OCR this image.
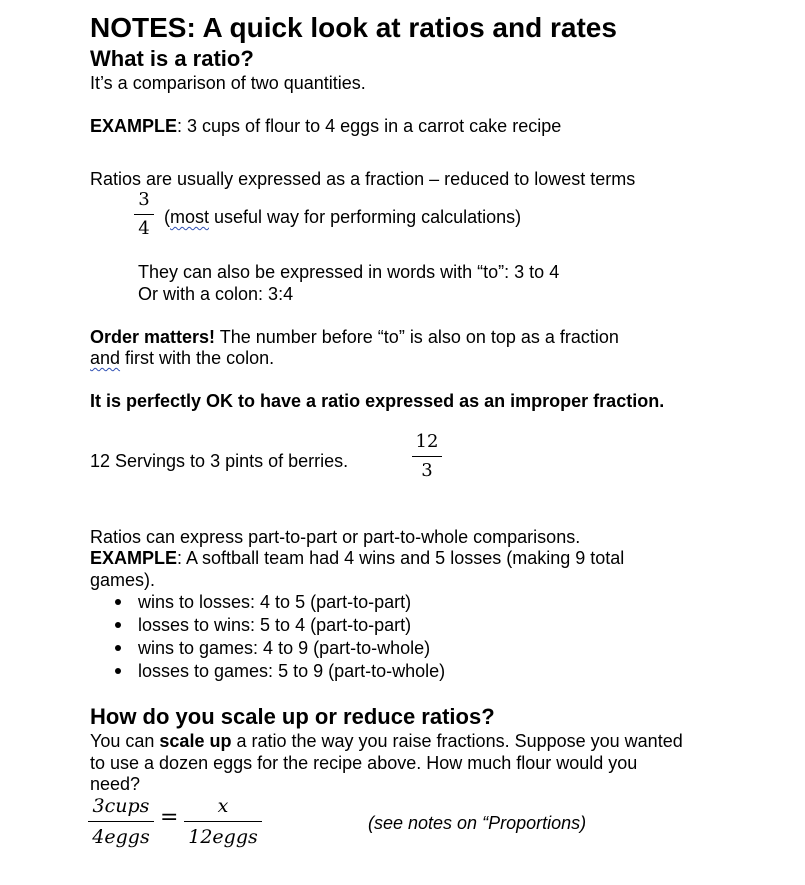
NOTES: A quick look at ratios and rates
What is a ratio?
It’s a comparison of two quantities.
EXAMPLE: 3 cups of flour to 4 eggs in a carrot cake recipe
Ratios are usually expressed as a fraction – reduced to lowest terms
3
4
(most useful way for performing calculations)
They can also be expressed in words with “to”: 3 to 4
Or with a colon: 3:4
Order matters! The number before “to” is also on top as a fraction
and first with the colon.
It is perfectly OK to have a ratio expressed as an improper fraction.
12 Servings to 3 pints of berries.
12
3
Ratios can express part-to-part or part-to-whole comparisons.
EXAMPLE: A softball team had 4 wins and 5 losses (making 9 total
games).
wins to losses: 4 to 5 (part-to-part)
losses to wins: 5 to 4 (part-to-part)
wins to games: 4 to 9 (part-to-whole)
losses to games: 5 to 9 (part-to-whole)
How do you scale up or reduce ratios?
You can scale up a ratio the way you raise fractions. Suppose you wanted
to use a dozen eggs for the recipe above. How much flour would you
need?
3cups
4eggs
=	x
12eggs
(see notes on “Proportions)
